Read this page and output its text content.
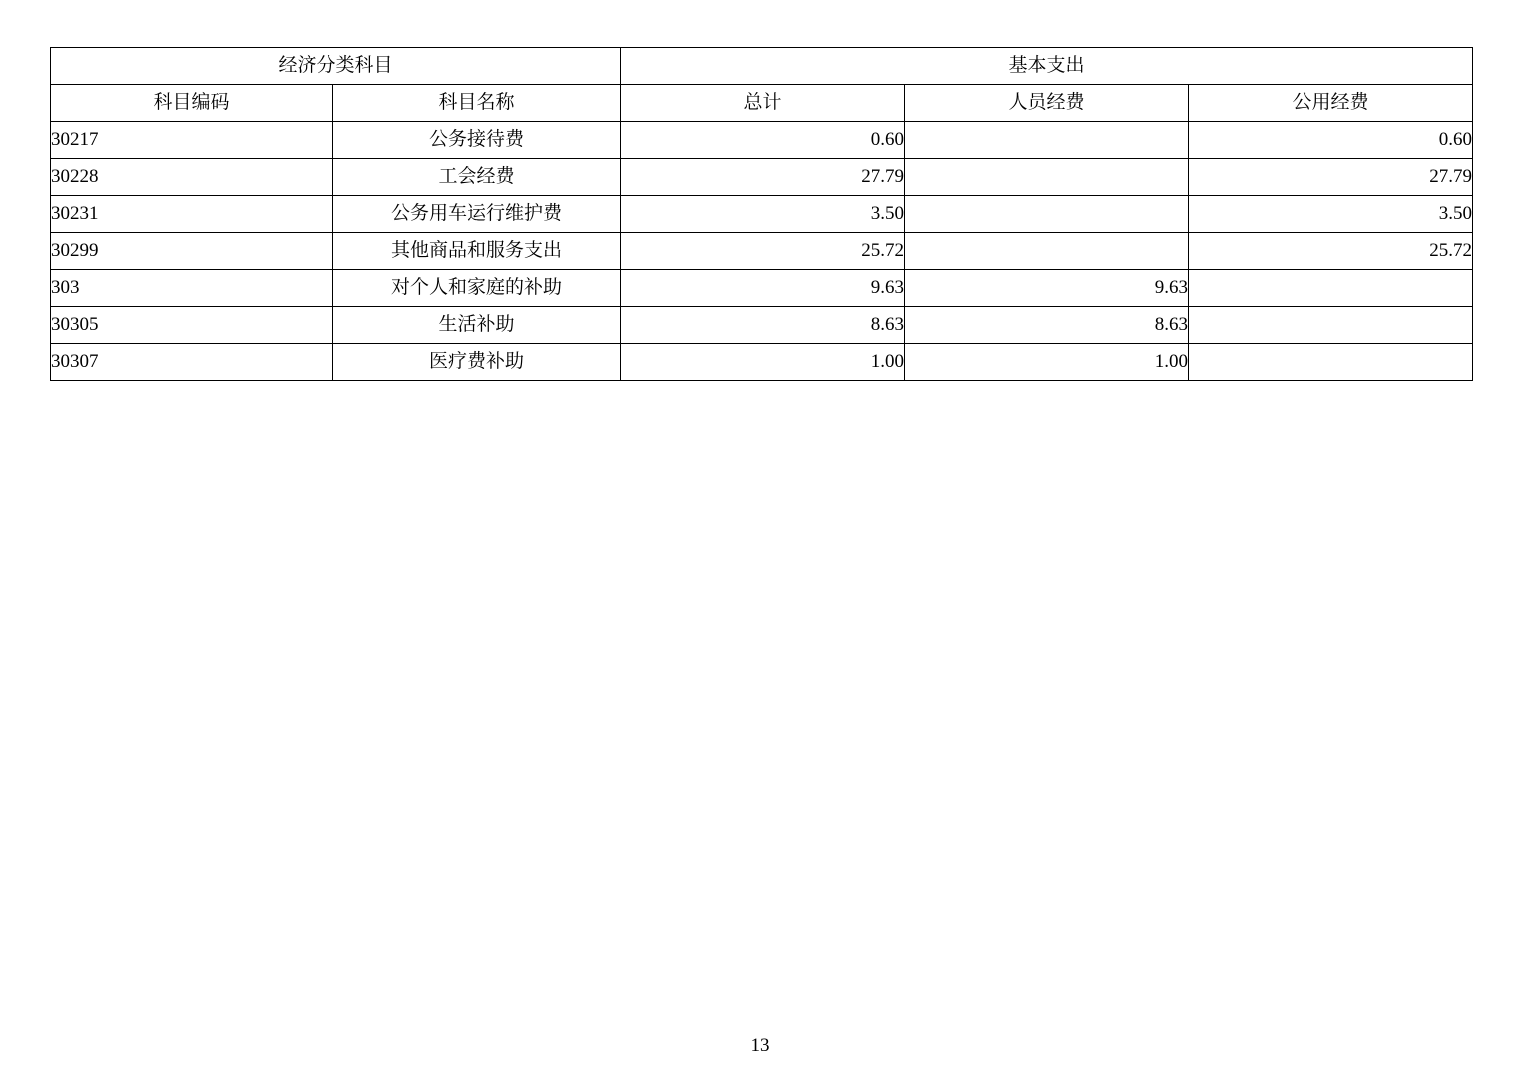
经济分类科目		基本支出		
科目编码	科目名称	总计	人员经费	公用经费
30217	公务接待费	0.60		0.60
30228	工会经费	27.79		27.79
30231	公务用车运行维护费	3.50		3.50
30299	其他商品和服务支出	25.72		25.72
303	对个人和家庭的补助	9.63	9.63	
30305	生活补助	8.63	8.63	
30307	医疗费补助	1.00	1.00	
13
